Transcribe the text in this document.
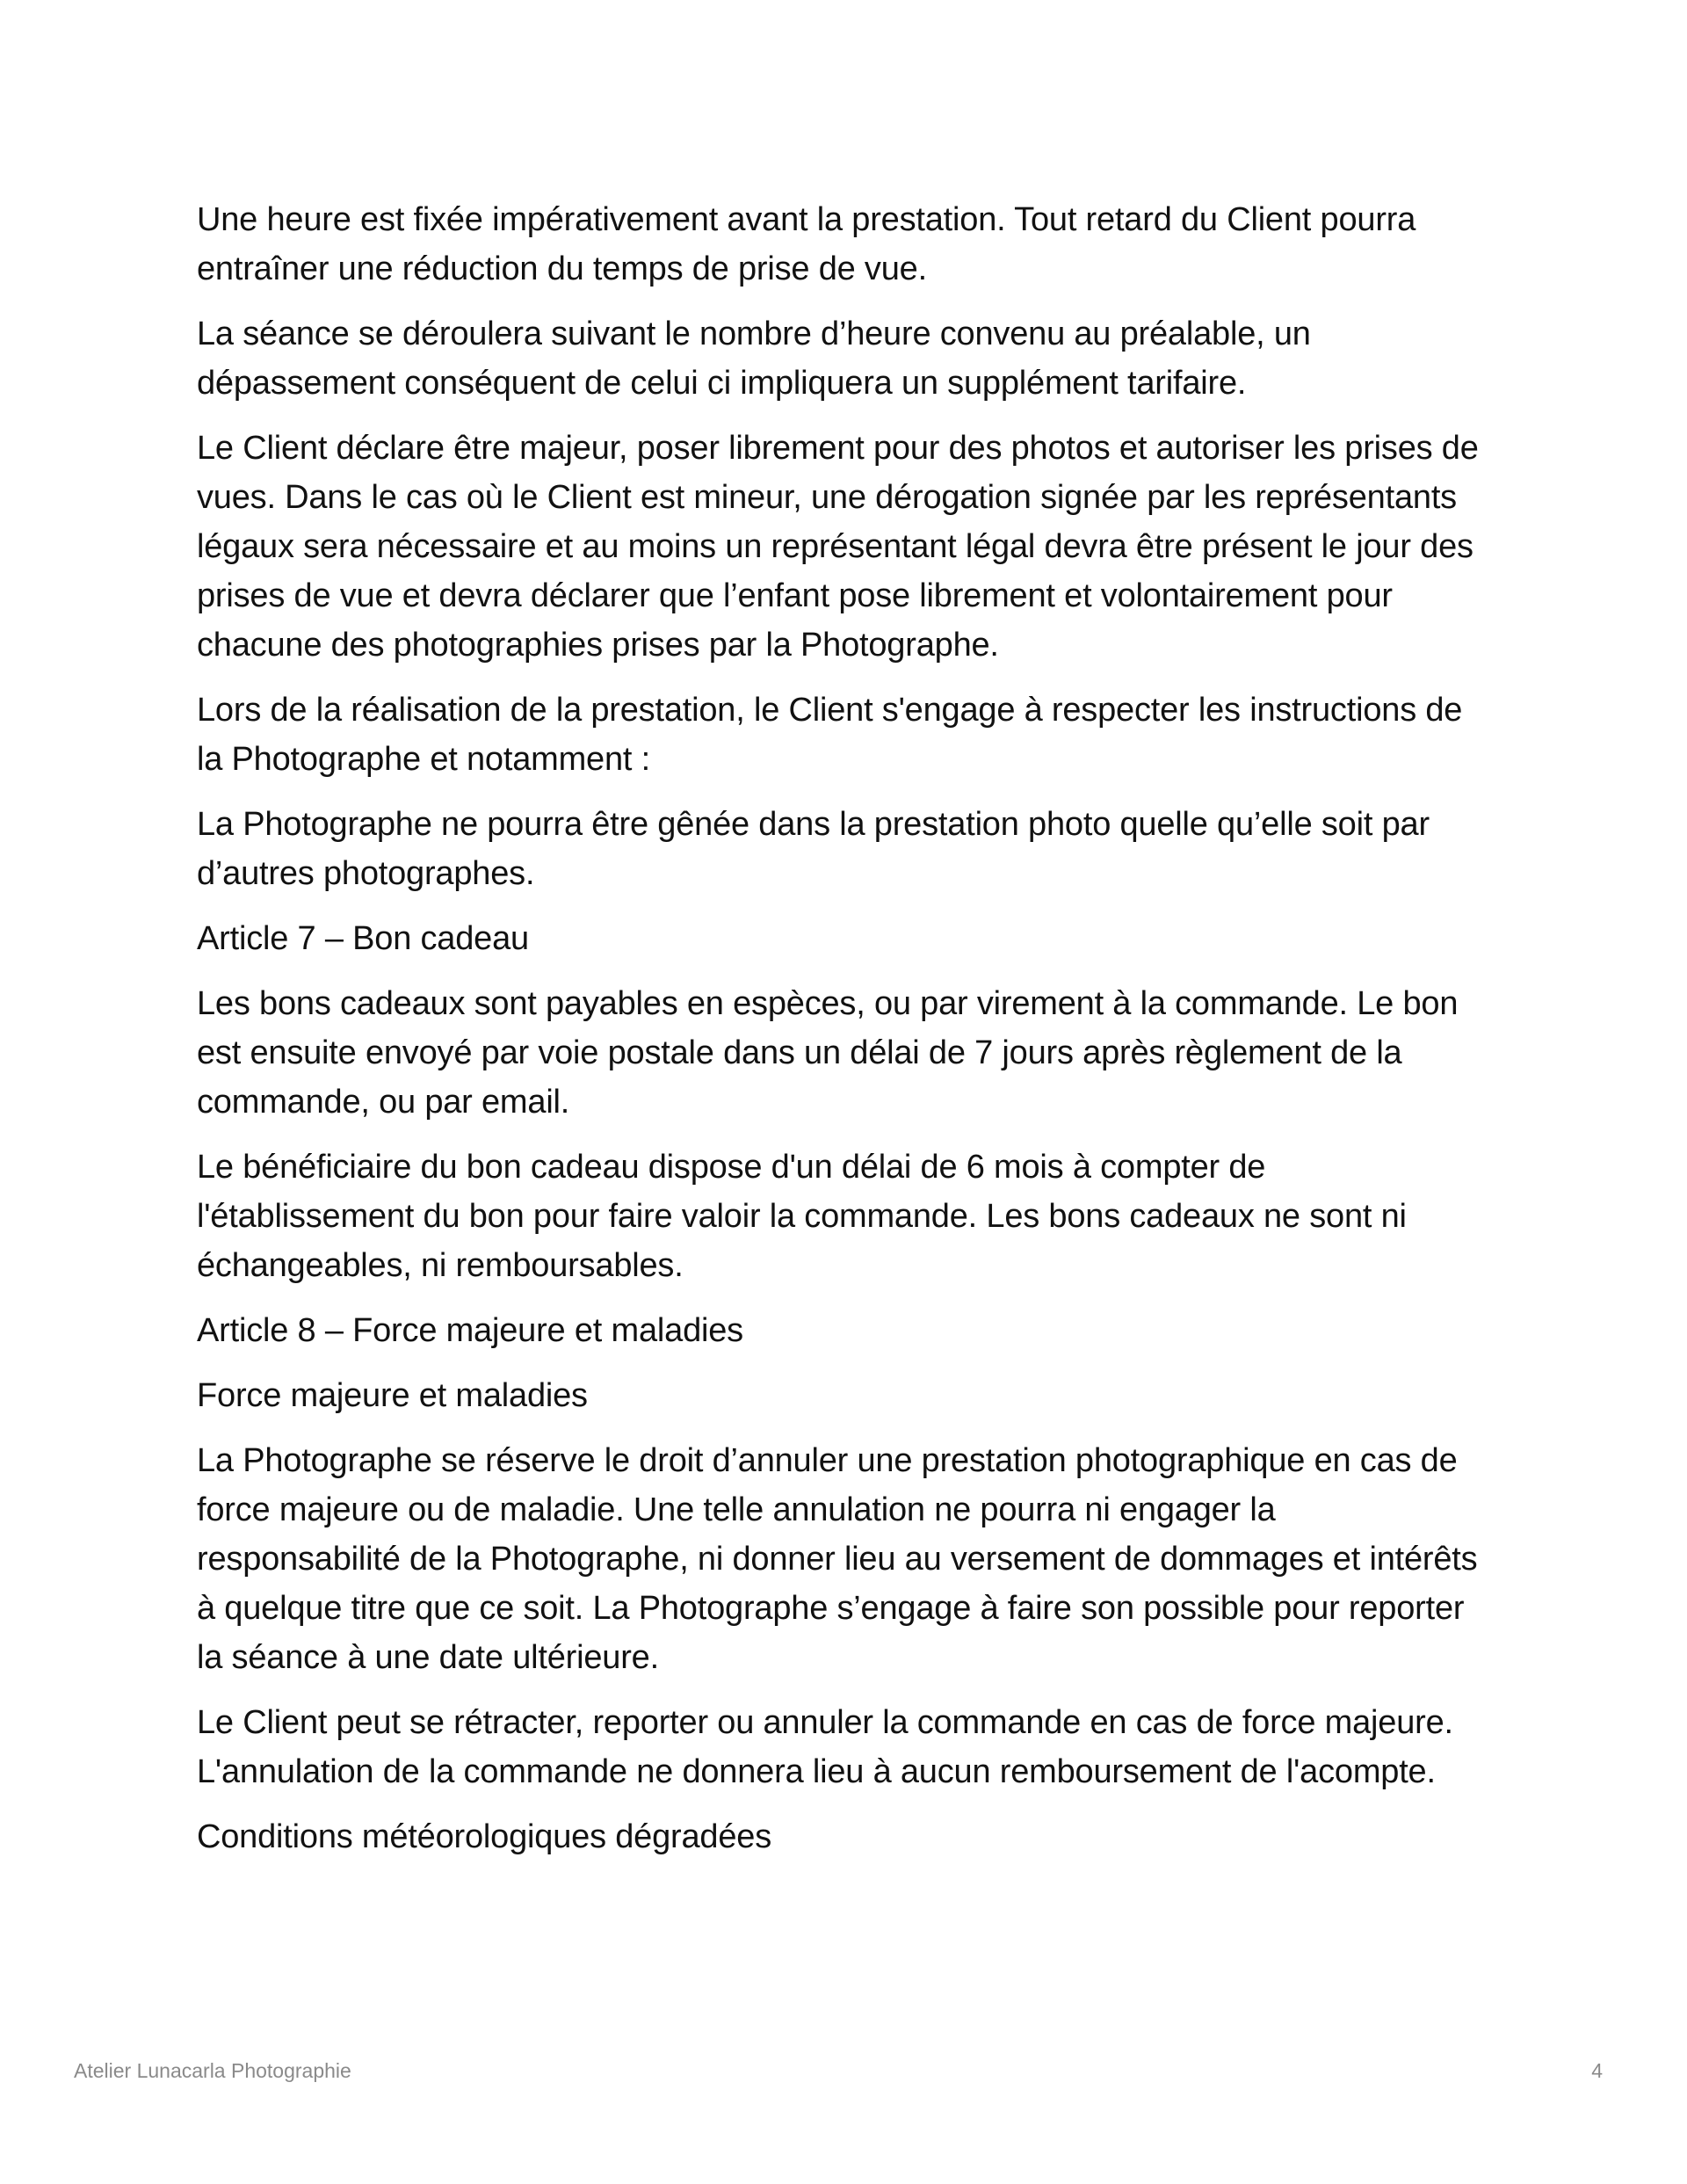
Une heure est fixée impérativement avant la prestation. Tout retard du Client pourra entraîner une réduction du temps de prise de vue.

La séance se déroulera suivant le nombre d’heure convenu au préalable, un dépassement conséquent de celui ci impliquera un supplément tarifaire.

Le Client déclare être majeur, poser librement pour des photos et autoriser les prises de vues. Dans le cas où le Client est mineur, une dérogation signée par les représentants légaux sera nécessaire et au moins un représentant légal devra être présent le jour des prises de vue et devra déclarer que l’enfant pose librement et volontairement pour chacune des photographies prises par la Photographe.

Lors de la réalisation de la prestation, le Client s'engage à respecter les instructions de la Photographe et notamment :

La Photographe ne pourra être gênée dans la prestation photo quelle qu’elle soit par d’autres photographes.

Article 7 – Bon cadeau

Les bons cadeaux sont payables en espèces, ou par virement à la commande. Le bon est ensuite envoyé par voie postale dans un délai de 7 jours après règlement de la commande, ou par email.

Le bénéficiaire du bon cadeau dispose d'un délai de 6 mois à compter de l'établissement du bon pour faire valoir la commande. Les bons cadeaux ne sont ni échangeables, ni remboursables.

Article 8 – Force majeure et maladies

Force majeure et maladies

La Photographe se réserve le droit d’annuler une prestation photographique en cas de force majeure ou de maladie. Une telle annulation ne pourra ni engager la responsabilité de la Photographe, ni donner lieu au versement de dommages et intérêts à quelque titre que ce soit. La Photographe s’engage à faire son possible pour reporter la séance à une date ultérieure.

Le Client peut se rétracter, reporter ou annuler la commande en cas de force majeure. L'annulation de la commande ne donnera lieu à aucun remboursement de l'acompte.

Conditions météorologiques dégradées

Atelier Lunacarla Photographie	4
